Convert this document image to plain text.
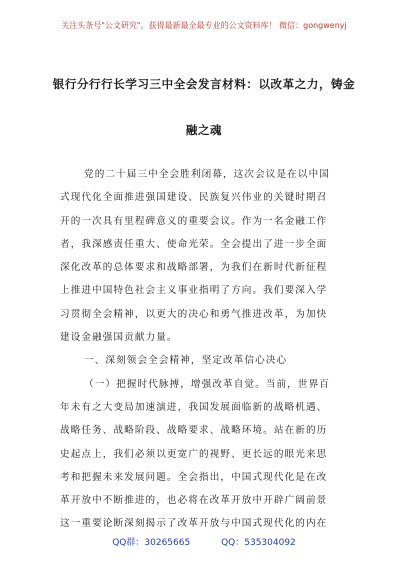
关注头条号"公文研究"，获得最新最全最专业的公文资料库！ 微信：gongwenyj
银行分行行长学习三中全会发言材料：以改革之力，铸金
融之魂
党的二十届三中全会胜利闭幕，这次会议是在以中国
式现代化全面推进强国建设、民族复兴伟业的关键时期召
开的一次具有里程碑意义的重要会议。作为一名金融工作
者，我深感责任重大、使命光荣。全会提出了进一步全面
深化改革的总体要求和战略部署，为我们在新时代新征程
上推进中国特色社会主义事业指明了方向。我们要深入学
习贯彻全会精神，以更大的决心和勇气推进改革，为加快
建设金融强国贡献力量。
一、深刻领会全会精神，坚定改革信心决心
（一）把握时代脉搏，增强改革自觉。当前，世界百
年未有之大变局加速演进，我国发展面临新的战略机遇、
战略任务、战略阶段、战略要求、战略环境。站在新的历
史起点上，我们必须以更宽广的视野、更长远的眼光来思
考和把握未来发展问题。全会指出，中国式现代化是在改
革开放中不断推进的，也必将在改革开放中开辟广阔前景
这一重要论断深刻揭示了改革开放与中国式现代化的内在
QQ群：30265665	QQ：535304092
